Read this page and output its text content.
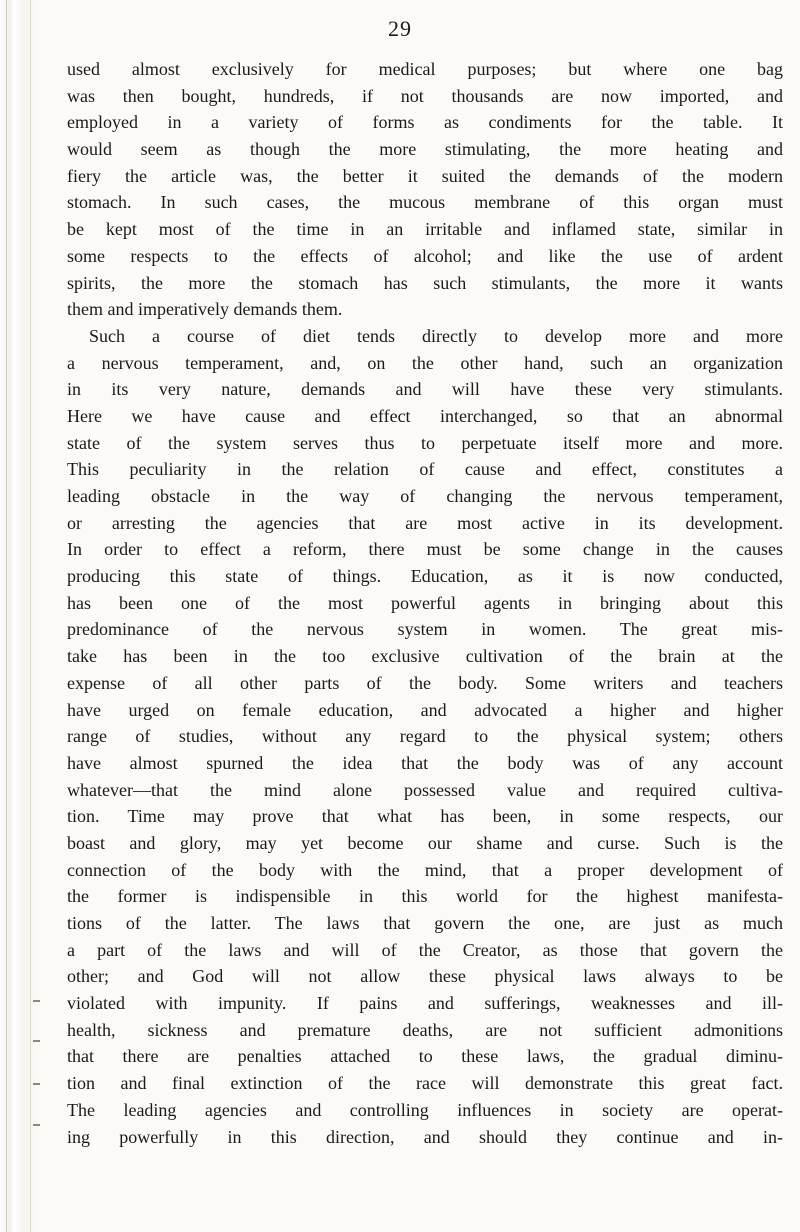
29
used almost exclusively for medical purposes; but where one bag
was then bought, hundreds, if not thousands are now imported, and
employed in a variety of forms as condiments for the table. It
would seem as though the more stimulating, the more heating and
fiery the article was, the better it suited the demands of the modern
stomach. In such cases, the mucous membrane of this organ must
be kept most of the time in an irritable and inflamed state, similar in
some respects to the effects of alcohol; and like the use of ardent
spirits, the more the stomach has such stimulants, the more it wants
them and imperatively demands them.
Such a course of diet tends directly to develop more and more
a nervous temperament, and, on the other hand, such an organization
in its very nature, demands and will have these very stimulants.
Here we have cause and effect interchanged, so that an abnormal
state of the system serves thus to perpetuate itself more and more.
This peculiarity in the relation of cause and effect, constitutes a
leading obstacle in the way of changing the nervous temperament,
or arresting the agencies that are most active in its development.
In order to effect a reform, there must be some change in the causes
producing this state of things. Education, as it is now conducted,
has been one of the most powerful agents in bringing about this
predominance of the nervous system in women. The great mis-
take has been in the too exclusive cultivation of the brain at the
expense of all other parts of the body. Some writers and teachers
have urged on female education, and advocated a higher and higher
range of studies, without any regard to the physical system; others
have almost spurned the idea that the body was of any account
whatever—that the mind alone possessed value and required cultiva-
tion. Time may prove that what has been, in some respects, our
boast and glory, may yet become our shame and curse. Such is the
connection of the body with the mind, that a proper development of
the former is indispensible in this world for the highest manifesta-
tions of the latter. The laws that govern the one, are just as much
a part of the laws and will of the Creator, as those that govern the
other; and God will not allow these physical laws always to be
violated with impunity. If pains and sufferings, weaknesses and ill-
health, sickness and premature deaths, are not sufficient admonitions
that there are penalties attached to these laws, the gradual diminu-
tion and final extinction of the race will demonstrate this great fact.
The leading agencies and controlling influences in society are operat-
ing powerfully in this direction, and should they continue and in-
